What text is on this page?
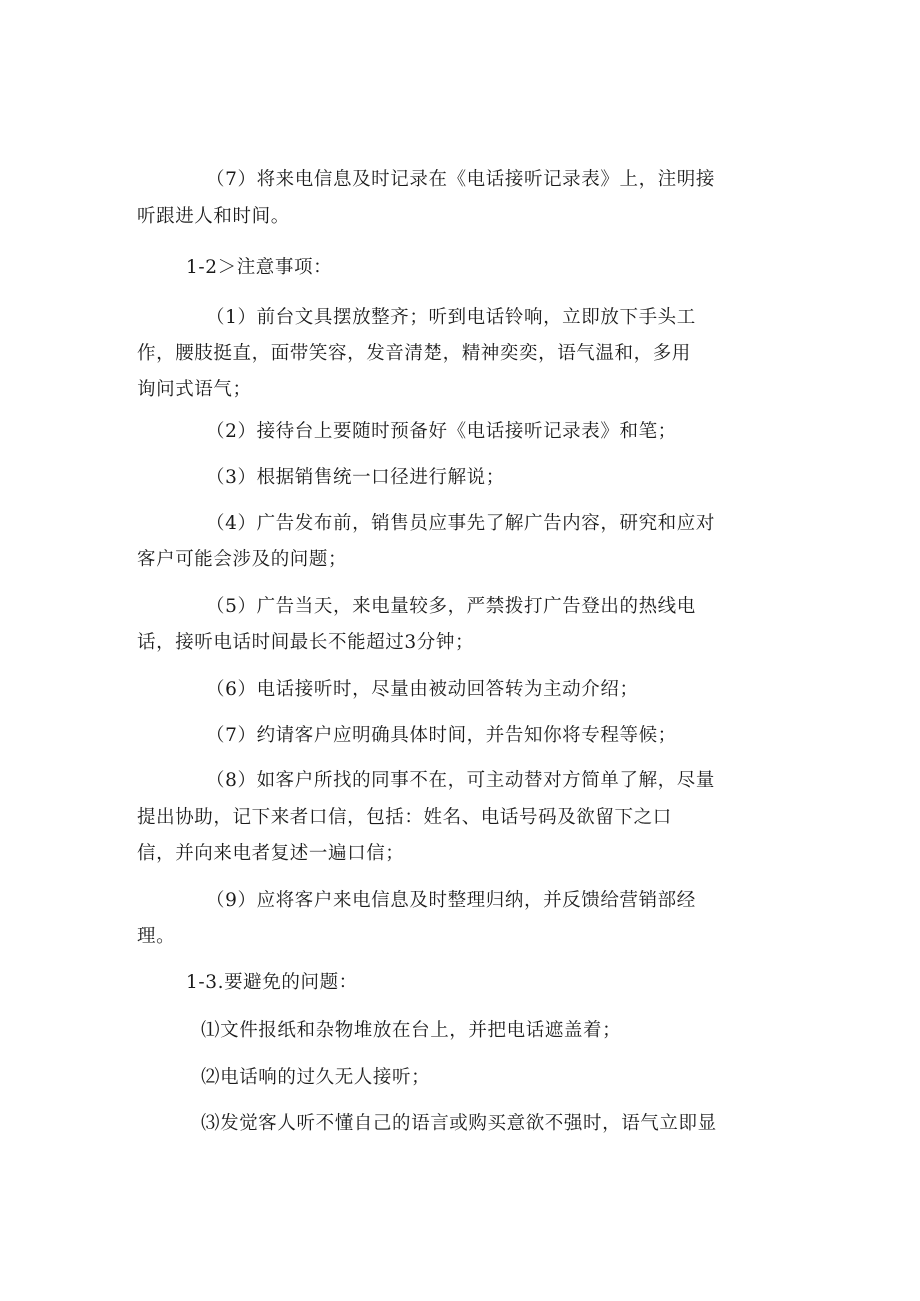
（7）将来电信息及时记录在《电话接听记录表》上，注明接
听跟进人和时间。
1-2＞注意事项：
（1）前台文具摆放整齐；听到电话铃响，立即放下手头工
作，腰肢挺直，面带笑容，发音清楚，精神奕奕，语气温和，多用
询问式语气；
（2）接待台上要随时预备好《电话接听记录表》和笔；
（3）根据销售统一口径进行解说；
（4）广告发布前，销售员应事先了解广告内容，研究和应对
客户可能会涉及的问题；
（5）广告当天，来电量较多，严禁拨打广告登出的热线电
话，接听电话时间最长不能超过3分钟；
（6）电话接听时，尽量由被动回答转为主动介绍；
（7）约请客户应明确具体时间，并告知你将专程等候；
（8）如客户所找的同事不在，可主动替对方简单了解，尽量
提出协助，记下来者口信，包括：姓名、电话号码及欲留下之口
信，并向来电者复述一遍口信；
（9）应将客户来电信息及时整理归纳，并反馈给营销部经
理。
1-3.要避免的问题：
⑴文件报纸和杂物堆放在台上，并把电话遮盖着；
⑵电话响的过久无人接听；
⑶发觉客人听不懂自己的语言或购买意欲不强时，语气立即显
